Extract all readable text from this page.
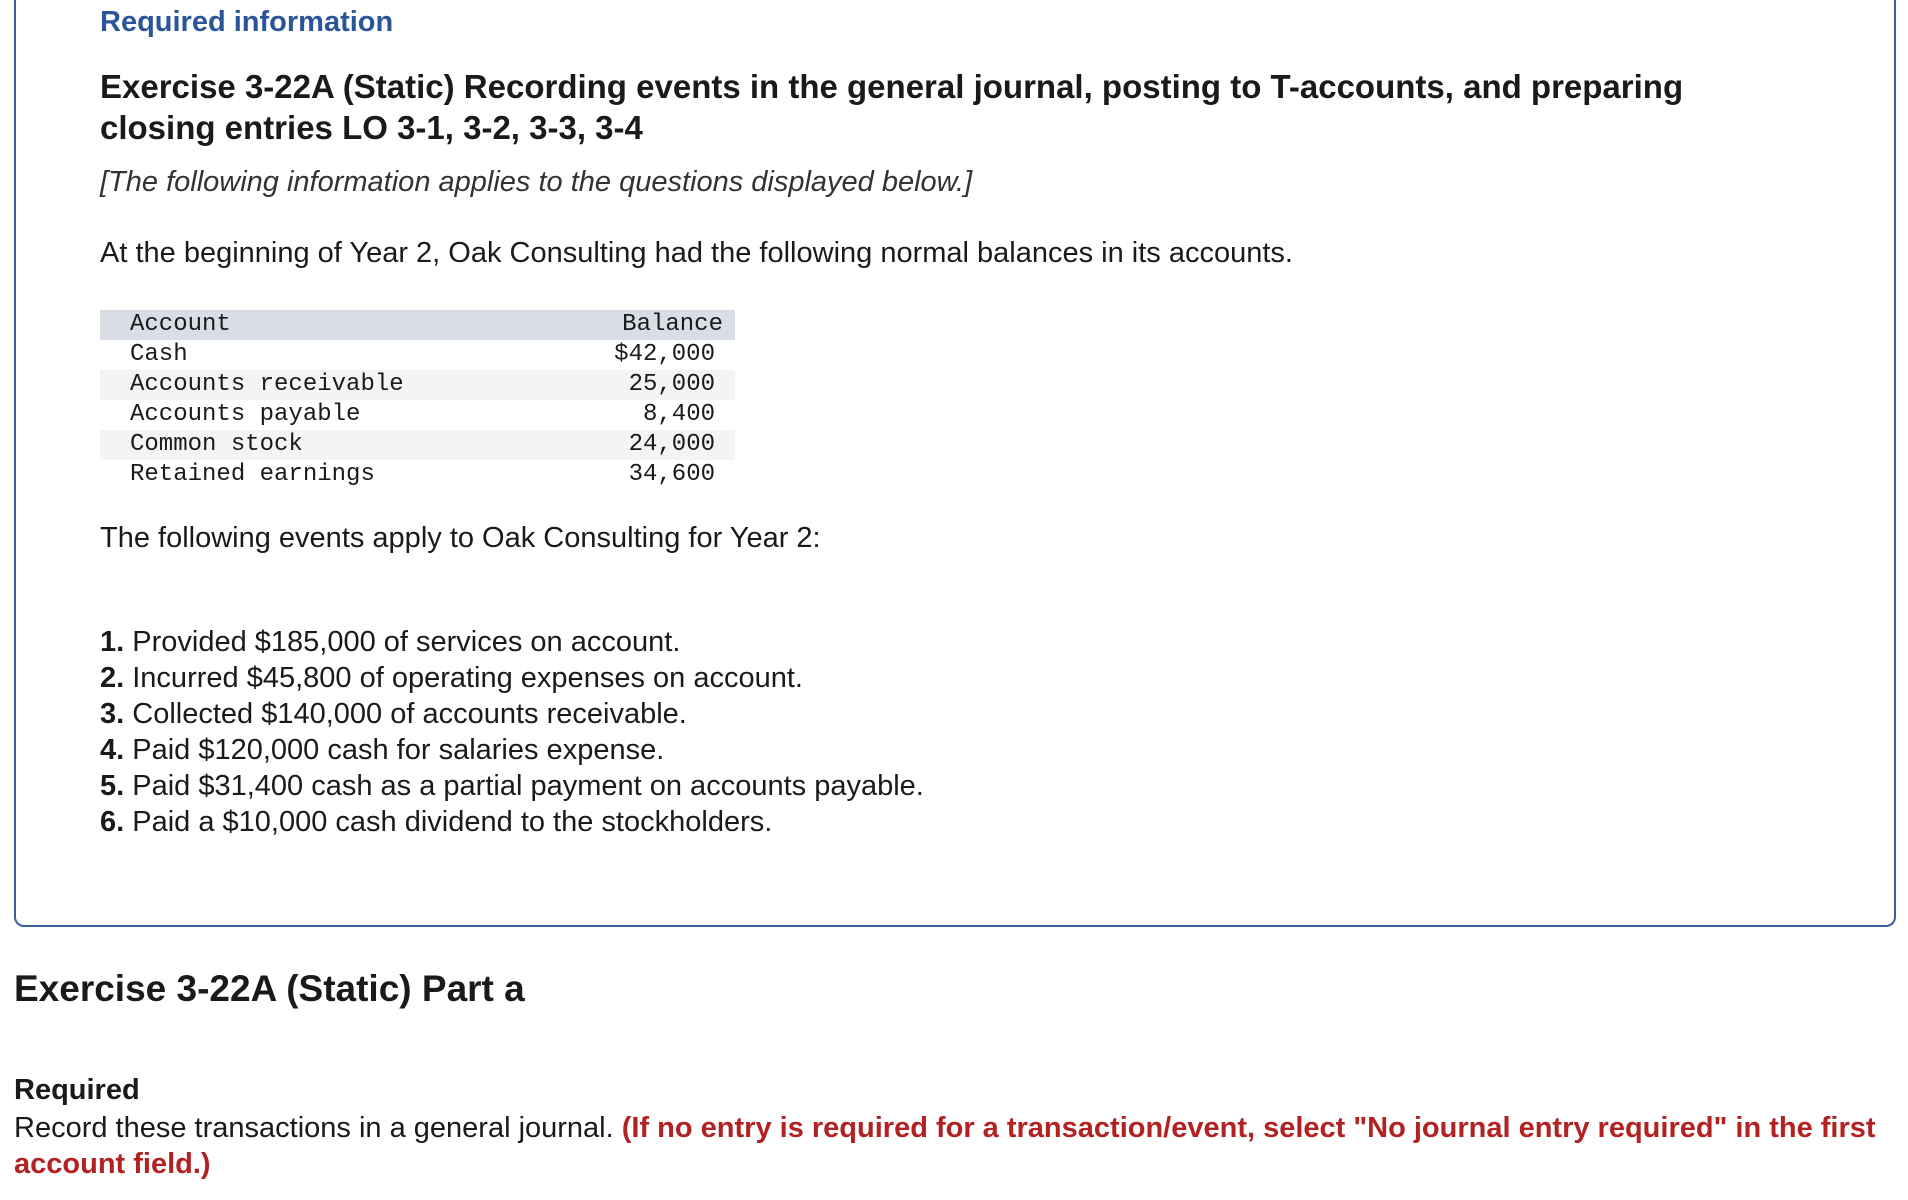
Required information
Exercise 3-22A (Static) Recording events in the general journal, posting to T-accounts, and preparing closing entries LO 3-1, 3-2, 3-3, 3-4

[The following information applies to the questions displayed below.]

At the beginning of Year 2, Oak Consulting had the following normal balances in its accounts.

Account	Balance
Cash	$42,000
Accounts receivable	25,000
Accounts payable	8,400
Common stock	24,000
Retained earnings	34,600

The following events apply to Oak Consulting for Year 2:

1. Provided $185,000 of services on account.
2. Incurred $45,800 of operating expenses on account.
3. Collected $140,000 of accounts receivable.
4. Paid $120,000 cash for salaries expense.
5. Paid $31,400 cash as a partial payment on accounts payable.
6. Paid a $10,000 cash dividend to the stockholders.
Exercise 3-22A (Static) Part a

Required

Record these transactions in a general journal. (If no entry is required for a transaction/event, select "No journal entry required" in the first account field.)
